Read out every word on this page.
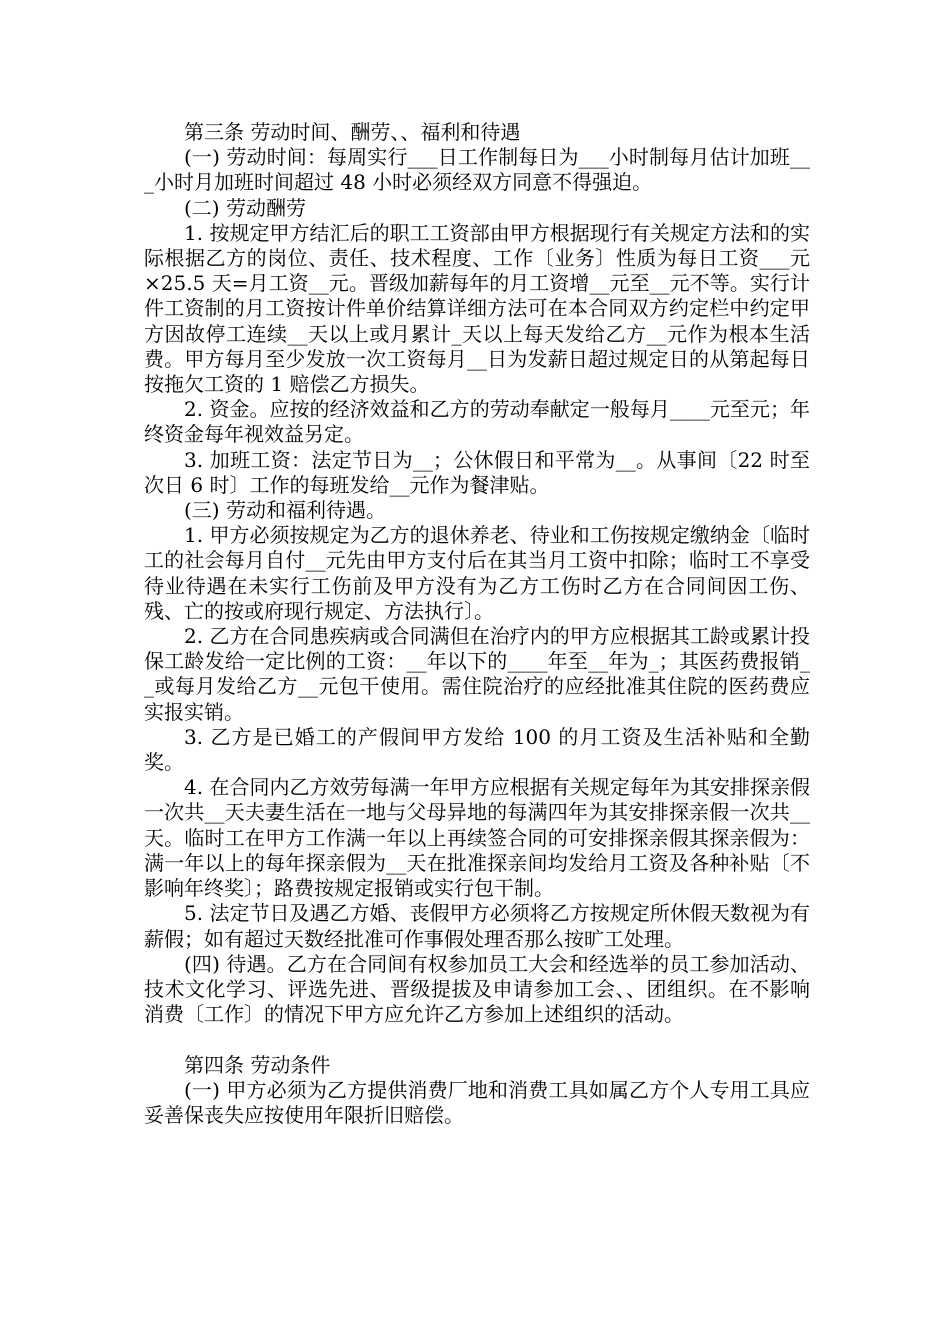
第三条 劳动时间、酬劳、、福利和待遇

(一) 劳动时间：每周实行___日工作制每日为___小时制每月估计加班___小时月加班时间超过 48 小时必须经双方同意不得强迫。

(二) 劳动酬劳

1. 按规定甲方结汇后的职工工资部由甲方根据现行有关规定方法和的实际根据乙方的岗位、责任、技术程度、工作〔业务〕性质为每日工资___元×25.5 天=月工资__元。晋级加薪每年的月工资增__元至__元不等。实行计件工资制的月工资按计件单价结算详细方法可在本合同双方约定栏中约定甲方因故停工连续__天以上或月累计_天以上每天发给乙方__元作为根本生活费。甲方每月至少发放一次工资每月__日为发薪日超过规定日的从第起每日按拖欠工资的 1 赔偿乙方损失。

2. 资金。应按的经济效益和乙方的劳动奉献定一般每月____元至元；年终资金每年视效益另定。

3. 加班工资：法定节日为__；公休假日和平常为__。从事间〔22 时至次日 6 时〕工作的每班发给__元作为餐津贴。

(三) 劳动和福利待遇。

1. 甲方必须按规定为乙方的退休养老、待业和工伤按规定缴纳金〔临时工的社会每月自付__元先由甲方支付后在其当月工资中扣除；临时工不享受待业待遇在未实行工伤前及甲方没有为乙方工伤时乙方在合同间因工伤、残、亡的按或府现行规定、方法执行〕。

2. 乙方在合同患疾病或合同满但在治疗内的甲方应根据其工龄或累计投保工龄发给一定比例的工资：__年以下的____年至__年为_；其医药费报销__或每月发给乙方__元包干使用。需住院治疗的应经批准其住院的医药费应实报实销。

3. 乙方是已婚工的产假间甲方发给 100 的月工资及生活补贴和全勤奖。

4. 在合同内乙方效劳每满一年甲方应根据有关规定每年为其安排探亲假一次共__天夫妻生活在一地与父母异地的每满四年为其安排探亲假一次共__天。临时工在甲方工作满一年以上再续签合同的可安排探亲假其探亲假为：满一年以上的每年探亲假为__天在批准探亲间均发给月工资及各种补贴〔不影响年终奖〕；路费按规定报销或实行包干制。

5. 法定节日及遇乙方婚、丧假甲方必须将乙方按规定所休假天数视为有薪假；如有超过天数经批准可作事假处理否那么按旷工处理。

(四) 待遇。乙方在合同间有权参加员工大会和经选举的员工参加活动、技术文化学习、评选先进、晋级提拔及申请参加工会、、团组织。在不影响消费〔工作〕的情况下甲方应允许乙方参加上述组织的活动。

第四条 劳动条件

(一) 甲方必须为乙方提供消费厂地和消费工具如属乙方个人专用工具应妥善保丧失应按使用年限折旧赔偿。
